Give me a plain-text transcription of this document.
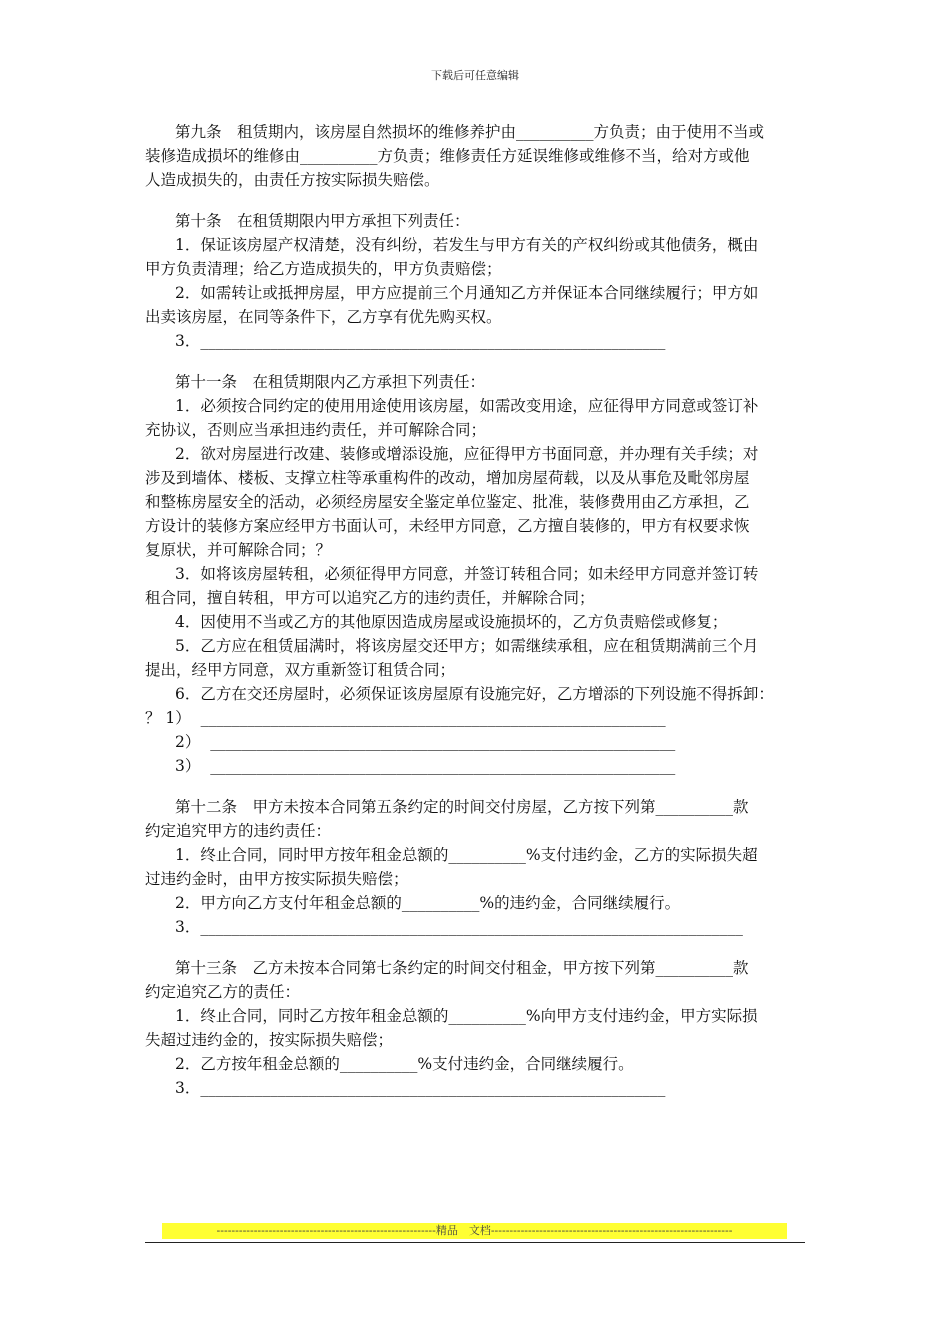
下载后可任意编辑
第九条　租赁期内，该房屋自然损坏的维修养护由__________方负责；由于使用不当或
装修造成损坏的维修由__________方负责；维修责任方延误维修或维修不当，给对方或他
人造成损失的，由责任方按实际损失赔偿。
第十条　在租赁期限内甲方承担下列责任：
1．保证该房屋产权清楚，没有纠纷，若发生与甲方有关的产权纠纷或其他债务，概由
甲方负责清理；给乙方造成损失的，甲方负责赔偿；
2．如需转让或抵押房屋，甲方应提前三个月通知乙方并保证本合同继续履行；甲方如
出卖该房屋，在同等条件下，乙方享有优先购买权。
3．____________________________________________________________
第十一条　在租赁期限内乙方承担下列责任：
1．必须按合同约定的使用用途使用该房屋，如需改变用途，应征得甲方同意或签订补
充协议，否则应当承担违约责任，并可解除合同；
2．欲对房屋进行改建、装修或增添设施，应征得甲方书面同意，并办理有关手续；对
涉及到墙体、楼板、支撑立柱等承重构件的改动，增加房屋荷载，以及从事危及毗邻房屋
和整栋房屋安全的活动，必须经房屋安全鉴定单位鉴定、批准，装修费用由乙方承担，乙
方设计的装修方案应经甲方书面认可，未经甲方同意，乙方擅自装修的，甲方有权要求恢
复原状，并可解除合同；？
3．如将该房屋转租，必须征得甲方同意，并签订转租合同；如未经甲方同意并签订转
租合同，擅自转租，甲方可以追究乙方的违约责任，并解除合同；
4．因使用不当或乙方的其他原因造成房屋或设施损坏的，乙方负责赔偿或修复；
5．乙方应在租赁届满时，将该房屋交还甲方；如需继续承租，应在租赁期满前三个月
提出，经甲方同意，双方重新签订租赁合同；
6．乙方在交还房屋时，必须保证该房屋原有设施完好，乙方增添的下列设施不得拆卸：
？ 1）  ____________________________________________________________
2）  ____________________________________________________________
3）  ____________________________________________________________
第十二条　甲方未按本合同第五条约定的时间交付房屋，乙方按下列第__________款
约定追究甲方的违约责任：
1．终止合同，同时甲方按年租金总额的__________%支付违约金，乙方的实际损失超
过违约金时，由甲方按实际损失赔偿；
2．甲方向乙方支付年租金总额的__________%的违约金，合同继续履行。
3．______________________________________________________________________
第十三条　乙方未按本合同第七条约定的时间交付租金，甲方按下列第__________款
约定追究乙方的责任：
1．终止合同，同时乙方按年租金总额的__________%向甲方支付违约金，甲方实际损
失超过违约金的，按实际损失赔偿；
2．乙方按年租金总额的__________%支付违约金，合同继续履行。
3．____________________________________________________________
-----------------------------------------------------------精品　文档-----------------------------------------------------------------
